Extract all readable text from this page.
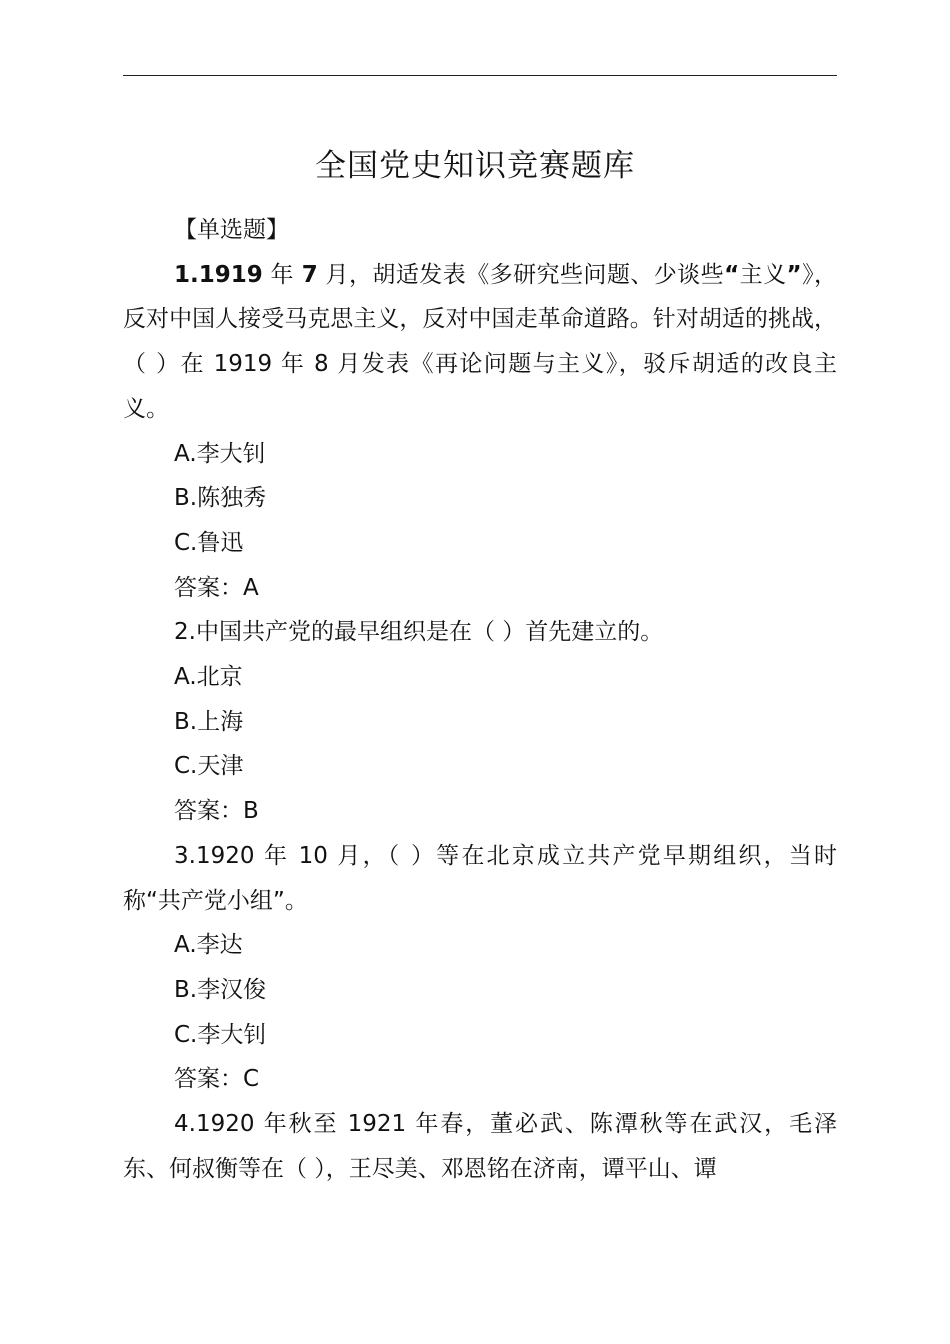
全国党史知识竞赛题库

【单选题】

1.1919 年 7 月，胡适发表《多研究些问题、少谈些“主义”》，反对中国人接受马克思主义，反对中国走革命道路。针对胡适的挑战，（ ）在 1919 年 8 月发表《再论问题与主义》，驳斥胡适的改良主义。

A.李大钊

B.陈独秀

C.鲁迅

答案：A

2.中国共产党的最早组织是在（ ）首先建立的。

A.北京

B.上海

C.天津

答案：B

3.1920 年 10 月，（ ）等在北京成立共产党早期组织，当时称“共产党小组”。

A.李达

B.李汉俊

C.李大钊

答案：C

4.1920 年秋至 1921 年春，董必武、陈潭秋等在武汉，毛泽东、何叔衡等在（ ），王尽美、邓恩铭在济南，谭平山、谭
